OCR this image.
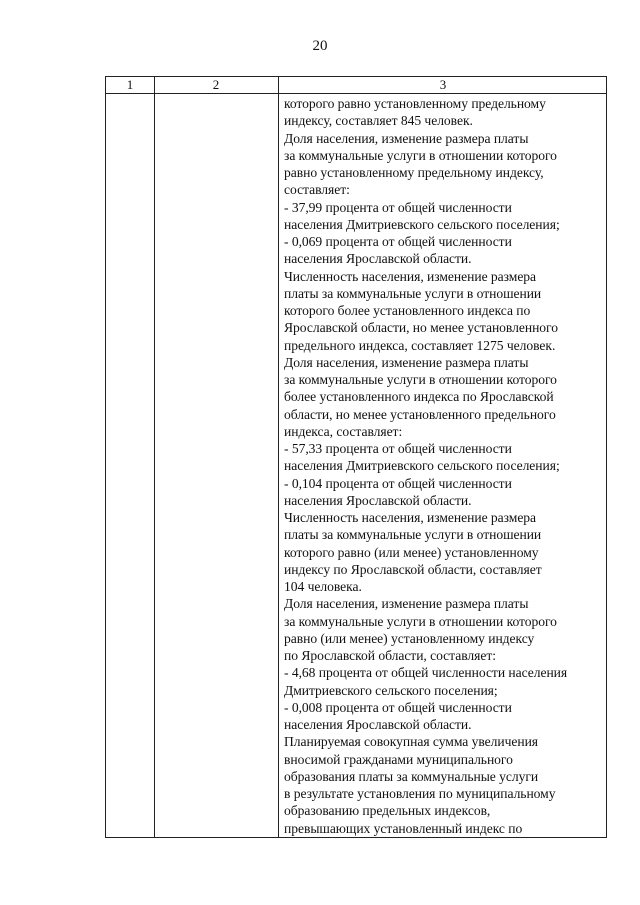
20
1	2	3
которого равно установленному предельному
индексу, составляет 845 человек.
Доля населения, изменение размера платы
за коммунальные услуги в отношении которого
равно установленному предельному индексу,
составляет:
- 37,99 процента от общей численности
населения Дмитриевского сельского поселения;
- 0,069 процента от общей численности
населения Ярославской области.
Численность населения, изменение размера
платы за коммунальные услуги в отношении
которого более установленного индекса по
Ярославской области, но менее установленного
предельного индекса, составляет 1275 человек.
Доля населения, изменение размера платы
за коммунальные услуги в отношении которого
более установленного индекса по Ярославской
области, но менее установленного предельного
индекса, составляет:
- 57,33 процента от общей численности
населения Дмитриевского сельского поселения;
- 0,104 процента от общей численности
населения Ярославской области.
Численность населения, изменение размера
платы за коммунальные услуги в отношении
которого равно (или менее) установленному
индексу по Ярославской области, составляет
104 человека.
Доля населения, изменение размера платы
за коммунальные услуги в отношении которого
равно (или менее) установленному индексу
по Ярославской области, составляет:
- 4,68 процента от общей численности населения
Дмитриевского сельского поселения;
- 0,008 процента от общей численности
населения Ярославской области.
Планируемая совокупная сумма увеличения
вносимой гражданами муниципального
образования платы за коммунальные услуги
в результате установления по муниципальному
образованию предельных индексов,
превышающих установленный индекс по
